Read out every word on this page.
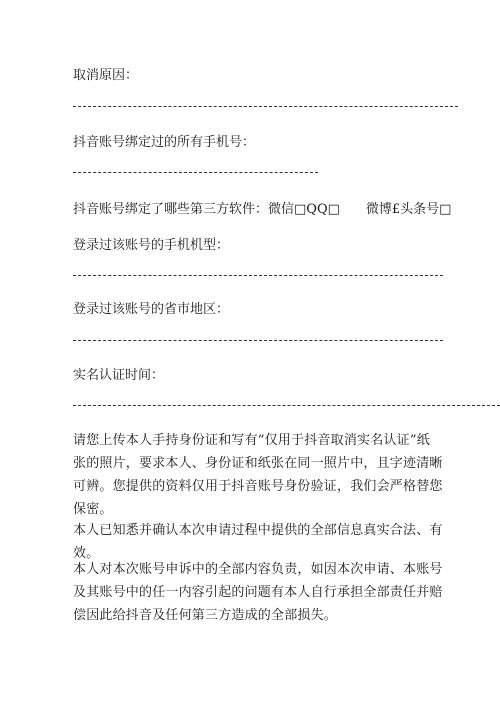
取消原因：
抖音账号绑定过的所有手机号：
抖音账号绑定了哪些第三方软件：微信□QQ□ 微博£头条号□
登录过该账号的手机机型：
登录过该账号的省市地区：
实名认证时间：
请您上传本人手持身份证和写有“仅用于抖音取消实名认证”纸张的照片，要求本人、身份证和纸张在同一照片中，且字迹清晰可辨。您提供的资料仅用于抖音账号身份验证，我们会严格替您保密。
本人已知悉并确认本次申请过程中提供的全部信息真实合法、有效。
本人对本次账号申诉中的全部内容负责，如因本次申请、本账号及其账号中的任一内容引起的问题有本人自行承担全部责任并赔偿因此给抖音及任何第三方造成的全部损失。
